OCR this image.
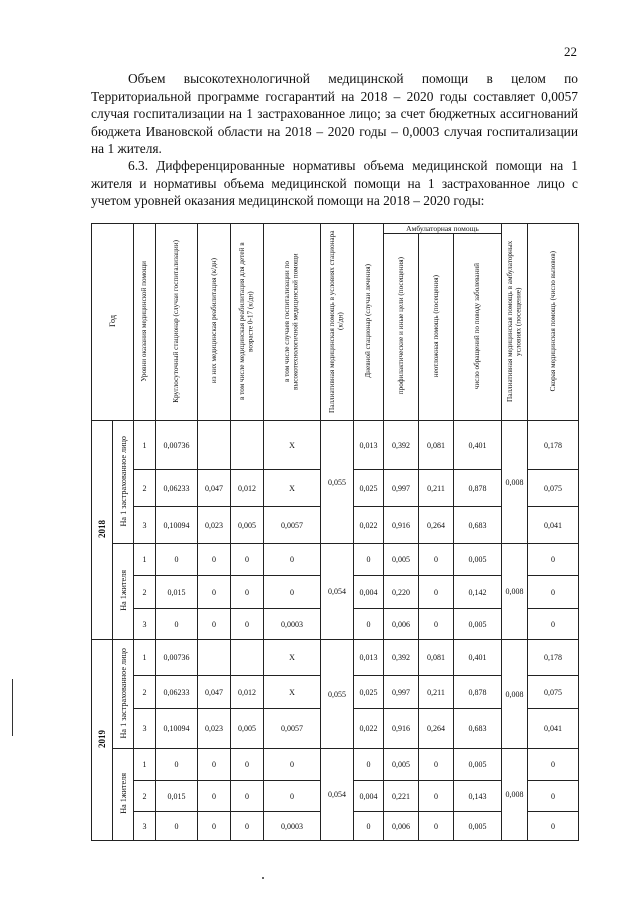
22
Объем высокотехнологичной медицинской помощи в целом по Территориальной программе госгарантий на 2018 – 2020 годы составляет 0,0057 случая госпитализации на 1 застрахованное лицо; за счет бюджетных ассигнований бюджета Ивановской области на 2018 – 2020 годы – 0,0003 случая госпитализации на 1 жителя.
6.3. Дифференцированные нормативы объема медицинской помощи на 1 жителя и нормативы объема медицинской помощи на 1 застрахованное лицо с учетом уровней оказания медицинской помощи на 2018 – 2020 годы:
Год		Уровни оказания медицинской помощи	Круглосуточный стационар (случаи госпитализации)	из них медицинская реабилитация (к/дн)	в том числе медицинская реабилитация для детей в возрасте 0-17 (к/дн)	в том числе случаев госпитализации по высокотехнологичной медицинской помощи	Паллиативная медицинская помощь в условиях стационара (к/дн)	Дневной стационар (случаи лечения)	Амбулаторная помощь			Паллиативная медицинская помощь в амбулаторных условиях (посещение)	Скорая медицинская помощь (число вызовов)
									профилактические и иные цели (посещения)	неотложная помощь (посещения)	число обращений по поводу заболеваний		
2018	На 1 застрахованное лицо	1	0,00736			X	0,055	0,013	0,392	0,081	0,401	0,008	0,178
		2	0,06233	0,047	0,012	X		0,025	0,997	0,211	0,878		0,075
		3	0,10094	0,023	0,005	0,0057		0,022	0,916	0,264	0,683		0,041
	На 1жителя	1	0	0	0	0	0,054	0	0,005	0	0,005	0,008	0
		2	0,015	0	0	0		0,004	0,220	0	0,142		0
		3	0	0	0	0,0003		0	0,006	0	0,005		0
2019	На 1 застрахованное лицо	1	0,00736			X	0,055	0,013	0,392	0,081	0,401	0,008	0,178
		2	0,06233	0,047	0,012	X		0,025	0,997	0,211	0,878		0,075
		3	0,10094	0,023	0,005	0,0057		0,022	0,916	0,264	0,683		0,041
	На 1жителя	1	0	0	0	0	0,054	0	0,005	0	0,005	0,008	0
		2	0,015	0	0	0		0,004	0,221	0	0,143		0
		3	0	0	0	0,0003		0	0,006	0	0,005		0
